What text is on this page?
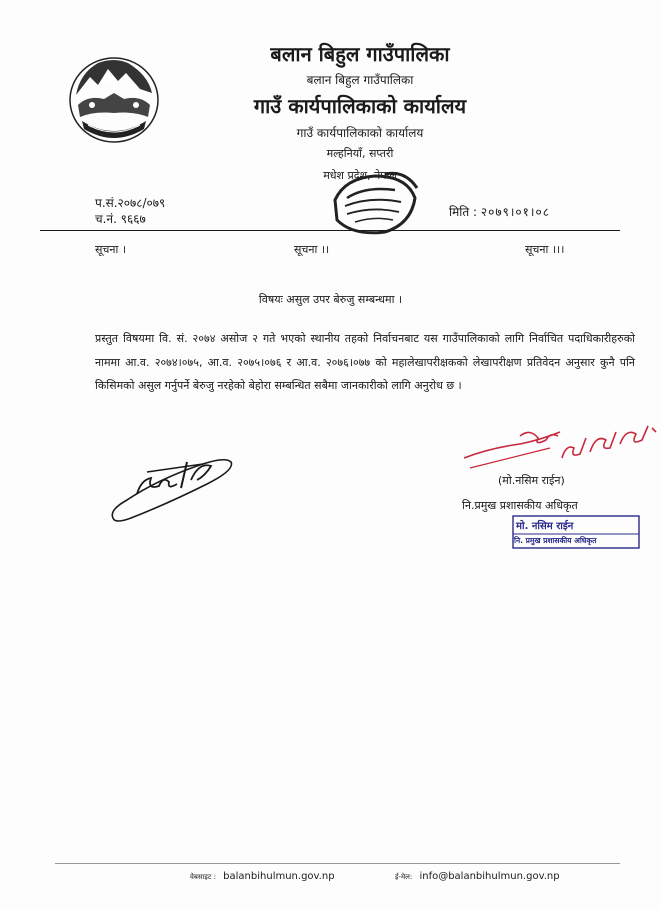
बलान बिहुल गाउँपालिका
बलान बिहुल गाउँपालिका
गाउँ कार्यपालिकाको कार्यालय
गाउँ कार्यपालिकाको कार्यालय
मल्हनियाँ, सप्तरी
मधेश प्रदेश, नेपाल
प.सं.२०७८/०७९
च.नं. ९६६७	मिति : २०७९।०१।०८
सूचना ।	सूचना ।।	सूचना ।।।
विषयः असुल उपर बेरुजु सम्बन्धमा ।
प्रस्तुत विषयमा वि. सं. २०७४ असोज २ गते भएको स्थानीय तहको निर्वाचनबाट यस गाउँपालिकाको लागि निर्वाचित पदाधिकारीहरुको नाममा आ.व. २०७४।०७५, आ.व. २०७५।०७६ र आ.व. २०७६।०७७ को महालेखापरीक्षकको लेखापरीक्षण प्रतिवेदन अनुसार कुनै पनि किसिमको असुल गर्नुपर्ने बेरुजु नरहेको बेहोरा सम्बन्धित सबैमा जानकारीको लागि अनुरोध छ ।
(मो.नसिम राईन)
नि.प्रमुख प्रशासकीय अधिकृत
मो. नसिम राईन
नि. प्रमुख प्रशासकीय अधिकृत
वेबसाइट : balanbihulmun.gov.np	ई-मेल: info@balanbihulmun.gov.np
